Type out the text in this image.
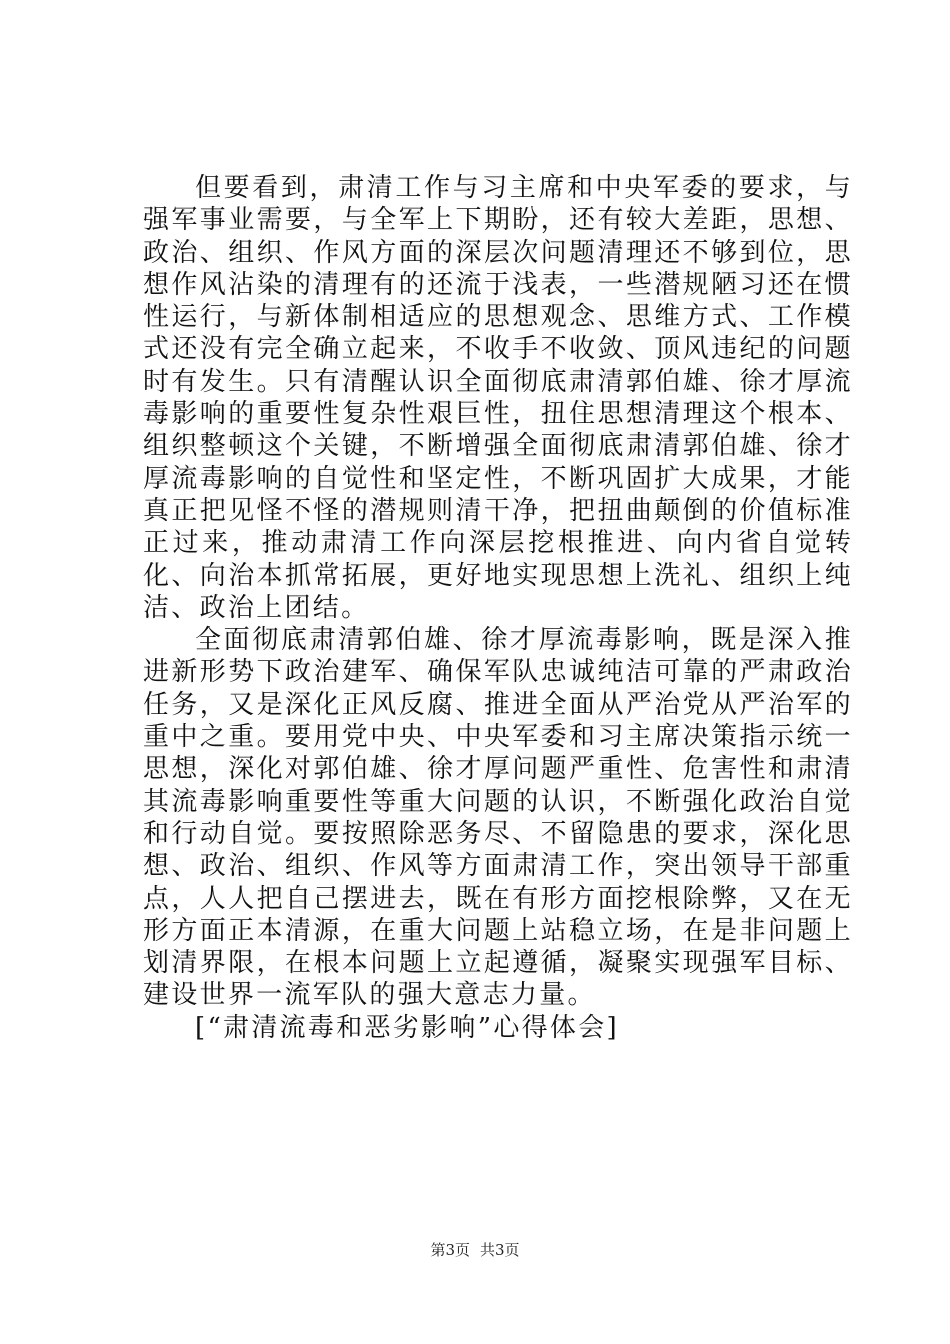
但要看到，肃清工作与习主席和中央军委的要求，与强军事业需要，与全军上下期盼，还有较大差距，思想、政治、组织、作风方面的深层次问题清理还不够到位，思想作风沾染的清理有的还流于浅表，一些潜规陋习还在惯性运行，与新体制相适应的思想观念、思维方式、工作模式还没有完全确立起来，不收手不收敛、顶风违纪的问题时有发生。只有清醒认识全面彻底肃清郭伯雄、徐才厚流毒影响的重要性复杂性艰巨性，扭住思想清理这个根本、组织整顿这个关键，不断增强全面彻底肃清郭伯雄、徐才厚流毒影响的自觉性和坚定性，不断巩固扩大成果，才能真正把见怪不怪的潜规则清干净，把扭曲颠倒的价值标准正过来，推动肃清工作向深层挖根推进、向内省自觉转化、向治本抓常拓展，更好地实现思想上洗礼、组织上纯洁、政治上团结。

全面彻底肃清郭伯雄、徐才厚流毒影响，既是深入推进新形势下政治建军、确保军队忠诚纯洁可靠的严肃政治任务，又是深化正风反腐、推进全面从严治党从严治军的重中之重。要用党中央、中央军委和习主席决策指示统一思想，深化对郭伯雄、徐才厚问题严重性、危害性和肃清其流毒影响重要性等重大问题的认识，不断强化政治自觉和行动自觉。要按照除恶务尽、不留隐患的要求，深化思想、政治、组织、作风等方面肃清工作，突出领导干部重点，人人把自己摆进去，既在有形方面挖根除弊，又在无形方面正本清源，在重大问题上站稳立场，在是非问题上划清界限，在根本问题上立起遵循，凝聚实现强军目标、建设世界一流军队的强大意志力量。

[“肃清流毒和恶劣影响”心得体会]

第3页 共3页
